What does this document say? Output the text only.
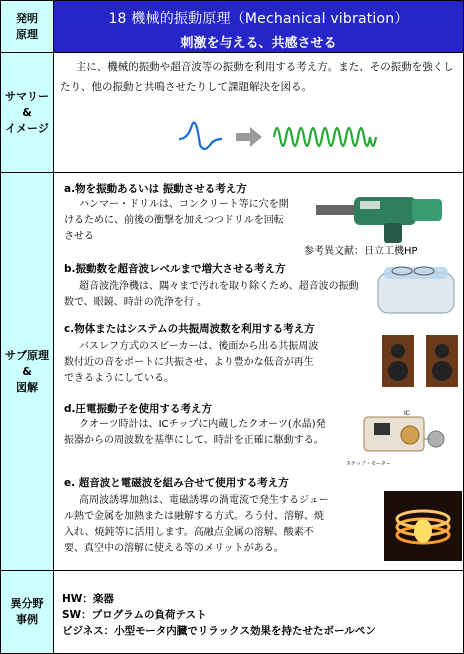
発明
原理
18 機械的振動原理（Mechanical vibration）
刺激を与える、共感させる
サマリー
&
イメージ
主に、機械的振動や超音波等の振動を利用する考え方。また、その振動を強くしたり、他の振動と共鳴させたりして課題解決を図る。
サブ原理
&
図解
a.物を振動あるいは 振動させる考え方
ハンマー・ドリルは、コンクリート等に穴を開けるために、前後の衝撃を加えつつドリルを回転させる
参考異文献：日立工機HP
b.振動数を超音波レベルまで増大させる考え方
超音波洗浄機は、隅々まで汚れを取り除くため、超音波の振動数で、眼鏡、時計の洗浄を行 。
c.物体またはシステムの共振周波数を利用する考え方
バスレフ方式のスピーカーは、後面から出る共振周波数付近の音をポートに共振させ、より豊かな低音が再生できるようにしている。
d.圧電振動子を使用する考え方
クオーツ時計は、ICチップに内蔵したクオーツ(水晶)発振器からの周波数を基準にして、時計を正確に駆動する。
IC
ステップ・モーター
e. 超音波と電磁波を組み合せて使用する考え方
高周波誘導加熱は、電磁誘導の渦電流で発生するジュール熱で金属を加熱または融解する方式。ろう付、溶解、焼入れ、焼鈍等に活用します。高融点金属の溶解、酸素不要、真空中の溶解に使える等のメリットがある。
異分野
事例
HW：楽器
SW：プログラムの負荷テスト
ビジネス：小型モータ内臓でリラックス効果を持たせたボールペン
